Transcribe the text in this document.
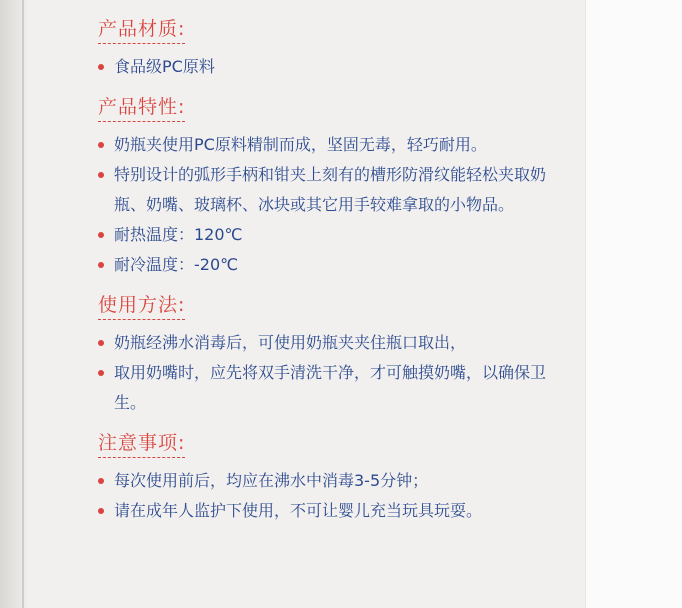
产品材质:
食品级PC原料
产品特性:
奶瓶夹使用PC原料精制而成，坚固无毒，轻巧耐用。
特别设计的弧形手柄和钳夹上刻有的槽形防滑纹能轻松夹取奶瓶、奶嘴、玻璃杯、冰块或其它用手较难拿取的小物品。
耐热温度：120℃
耐冷温度：-20℃
使用方法:
奶瓶经沸水消毒后，可使用奶瓶夹夹住瓶口取出，
取用奶嘴时，应先将双手清洗干净，才可触摸奶嘴，以确保卫生。
注意事项:
每次使用前后，均应在沸水中消毒3-5分钟；
请在成年人监护下使用，不可让婴儿充当玩具玩耍。
